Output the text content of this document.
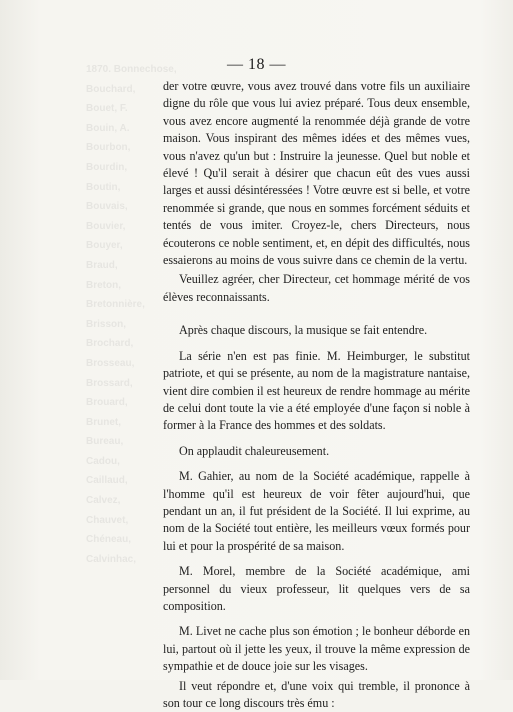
1870. Bonnechose,
Bouchard,
Bouet, F.
Bouin, A.
Bourbon,
Bourdin,
Boutin,
Bouvais,
Bouvier,
Bouyer,
Braud,
Breton,
Bretonnière,
Brisson,
Brochard,
Brosseau,
Brossard,
Brouard,
Brunet,
Bureau,
Cadou,
Caillaud,
Calvez,
Chauvet,
Chéneau,
Calvinhac,
— 18 —

der votre œuvre, vous avez trouvé dans votre fils un auxiliaire digne du rôle que vous lui aviez préparé. Tous deux ensemble, vous avez encore augmenté la renommée déjà grande de votre maison. Vous inspirant des mêmes idées et des mêmes vues, vous n'avez qu'un but : Instruire la jeunesse. Quel but noble et élevé ! Qu'il serait à désirer que chacun eût des vues aussi larges et aussi désintéressées ! Votre œuvre est si belle, et votre renommée si grande, que nous en sommes forcément séduits et tentés de vous imiter. Croyez-le, chers Directeurs, nous écouterons ce noble sentiment, et, en dépit des difficultés, nous essaierons au moins de vous suivre dans ce chemin de la vertu.

Veuillez agréer, cher Directeur, cet hommage mérité de vos élèves reconnaissants.

Après chaque discours, la musique se fait entendre.

La série n'en est pas finie. M. Heimburger, le substitut patriote, et qui se présente, au nom de la magistrature nantaise, vient dire combien il est heureux de rendre hommage au mérite de celui dont toute la vie a été employée d'une façon si noble à former à la France des hommes et des soldats.

On applaudit chaleureusement.

M. Gahier, au nom de la Société académique, rappelle à l'homme qu'il est heureux de voir fêter aujourd'hui, que pendant un an, il fut président de la Société. Il lui exprime, au nom de la Société tout entière, les meilleurs vœux formés pour lui et pour la prospérité de sa maison.

M. Morel, membre de la Société académique, ami personnel du vieux professeur, lit quelques vers de sa composition.

M. Livet ne cache plus son émotion ; le bonheur déborde en lui, partout où il jette les yeux, il trouve la même expression de sympathie et de douce joie sur les visages.

Il veut répondre et, d'une voix qui tremble, il prononce à son tour ce long discours très ému :
